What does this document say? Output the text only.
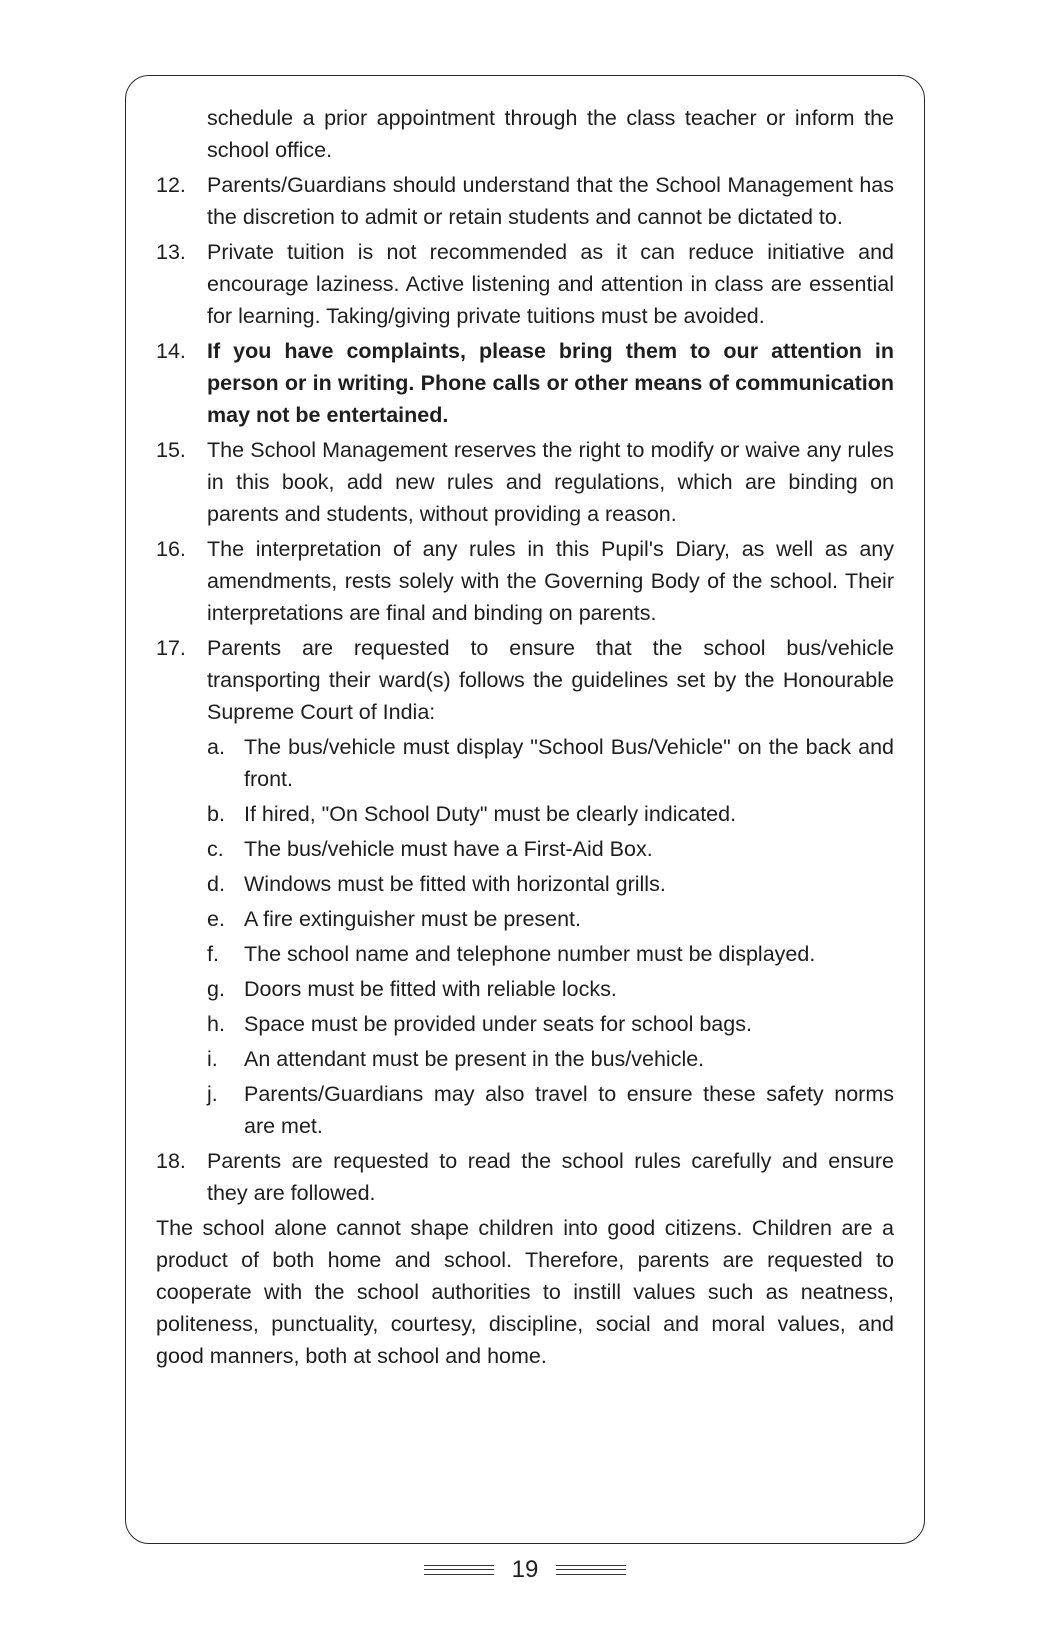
schedule a prior appointment through the class teacher or inform the school office.
12. Parents/Guardians should understand that the School Management has the discretion to admit or retain students and cannot be dictated to.
13. Private tuition is not recommended as it can reduce initiative and encourage laziness. Active listening and attention in class are essential for learning. Taking/giving private tuitions must be avoided.
14. If you have complaints, please bring them to our attention in person or in writing. Phone calls or other means of communication may not be entertained.
15. The School Management reserves the right to modify or waive any rules in this book, add new rules and regulations, which are binding on parents and students, without providing a reason.
16. The interpretation of any rules in this Pupil's Diary, as well as any amendments, rests solely with the Governing Body of the school. Their interpretations are final and binding on parents.
17. Parents are requested to ensure that the school bus/vehicle transporting their ward(s) follows the guidelines set by the Honourable Supreme Court of India:
a. The bus/vehicle must display "School Bus/Vehicle" on the back and front.
b. If hired, "On School Duty" must be clearly indicated.
c. The bus/vehicle must have a First-Aid Box.
d. Windows must be fitted with horizontal grills.
e. A fire extinguisher must be present.
f. The school name and telephone number must be displayed.
g. Doors must be fitted with reliable locks.
h. Space must be provided under seats for school bags.
i. An attendant must be present in the bus/vehicle.
j. Parents/Guardians may also travel to ensure these safety norms are met.
18. Parents are requested to read the school rules carefully and ensure they are followed.
The school alone cannot shape children into good citizens. Children are a product of both home and school. Therefore, parents are requested to cooperate with the school authorities to instill values such as neatness, politeness, punctuality, courtesy, discipline, social and moral values, and good manners, both at school and home.
19
